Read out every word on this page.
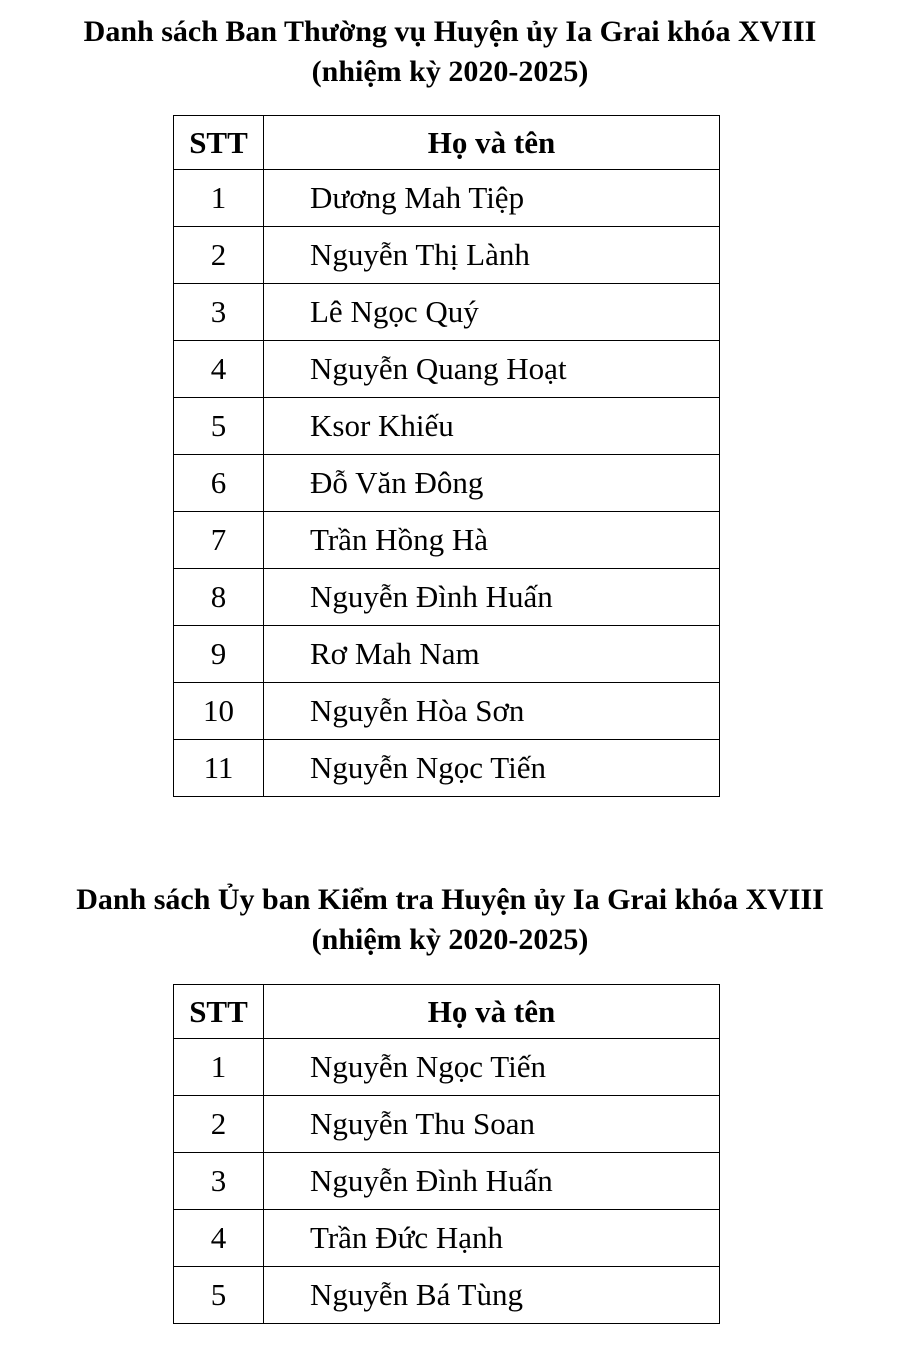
Danh sách Ban Thường vụ Huyện ủy Ia Grai khóa XVIII
(nhiệm kỳ 2020-2025)
STT	Họ và tên
1	Dương Mah Tiệp
2	Nguyễn Thị Lành
3	Lê Ngọc Quý
4	Nguyễn Quang Hoạt
5	Ksor Khiếu
6	Đỗ Văn Đông
7	Trần Hồng Hà
8	Nguyễn Đình Huấn
9	Rơ Mah Nam
10	Nguyễn Hòa Sơn
11	Nguyễn Ngọc Tiến
Danh sách Ủy ban Kiểm tra Huyện ủy Ia Grai khóa XVIII
(nhiệm kỳ 2020-2025)
STT	Họ và tên
1	Nguyễn Ngọc Tiến
2	Nguyễn Thu Soan
3	Nguyễn Đình Huấn
4	Trần Đức Hạnh
5	Nguyễn Bá Tùng
